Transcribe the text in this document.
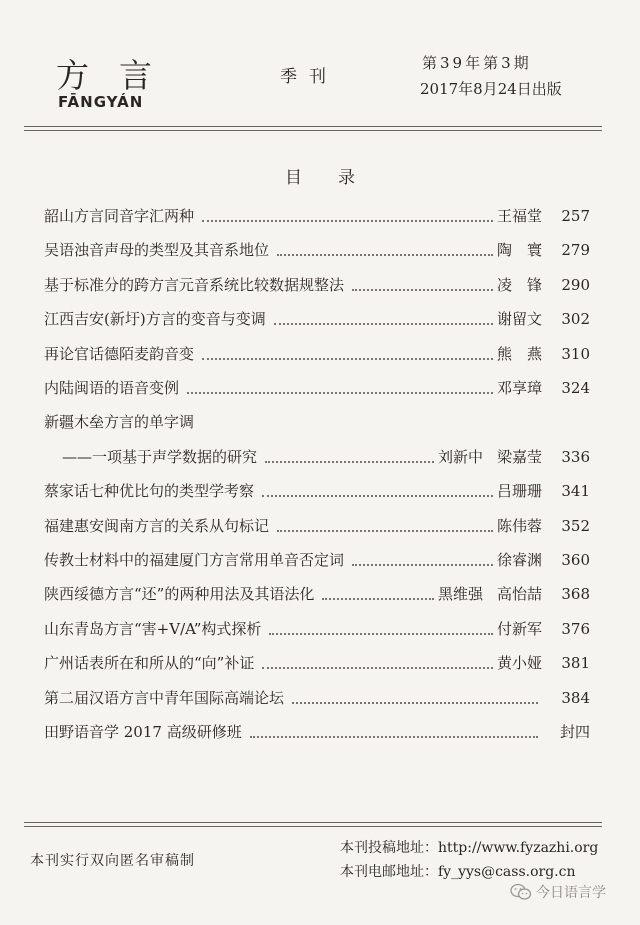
方言
FĀNGYÁN
季刊
第39年第3期
2017年8月24日出版
目录
韶山方言同音字汇两种	王福堂	257
吴语浊音声母的类型及其音系地位	陶　寰	279
基于标准分的跨方言元音系统比较数据规整法	凌　锋	290
江西吉安(新圩)方言的变音与变调	谢留文	302
再论官话德陌麦韵音变	熊　燕	310
内陆闽语的语音变例	邓享璋	324
新疆木垒方言的单字调
——一项基于声学数据的研究	刘新中 梁嘉莹	336
蔡家话七种优比句的类型学考察	吕珊珊	341
福建惠安闽南方言的关系从句标记	陈伟蓉	352
传教士材料中的福建厦门方言常用单音否定词	徐睿渊	360
陕西绥德方言“还”的两种用法及其语法化	黑维强 高怡喆	368
山东青岛方言“害+V/A”构式探析	付新军	376
广州话表所在和所从的“向”补证	黄小娅	381
第二届汉语方言中青年国际高端论坛	384
田野语音学 2017 高级研修班	封四
本刊实行双向匿名审稿制
本刊投稿地址：http://www.fyzazhi.org
本刊电邮地址：fy_yys@cass.org.cn
今日语言学
